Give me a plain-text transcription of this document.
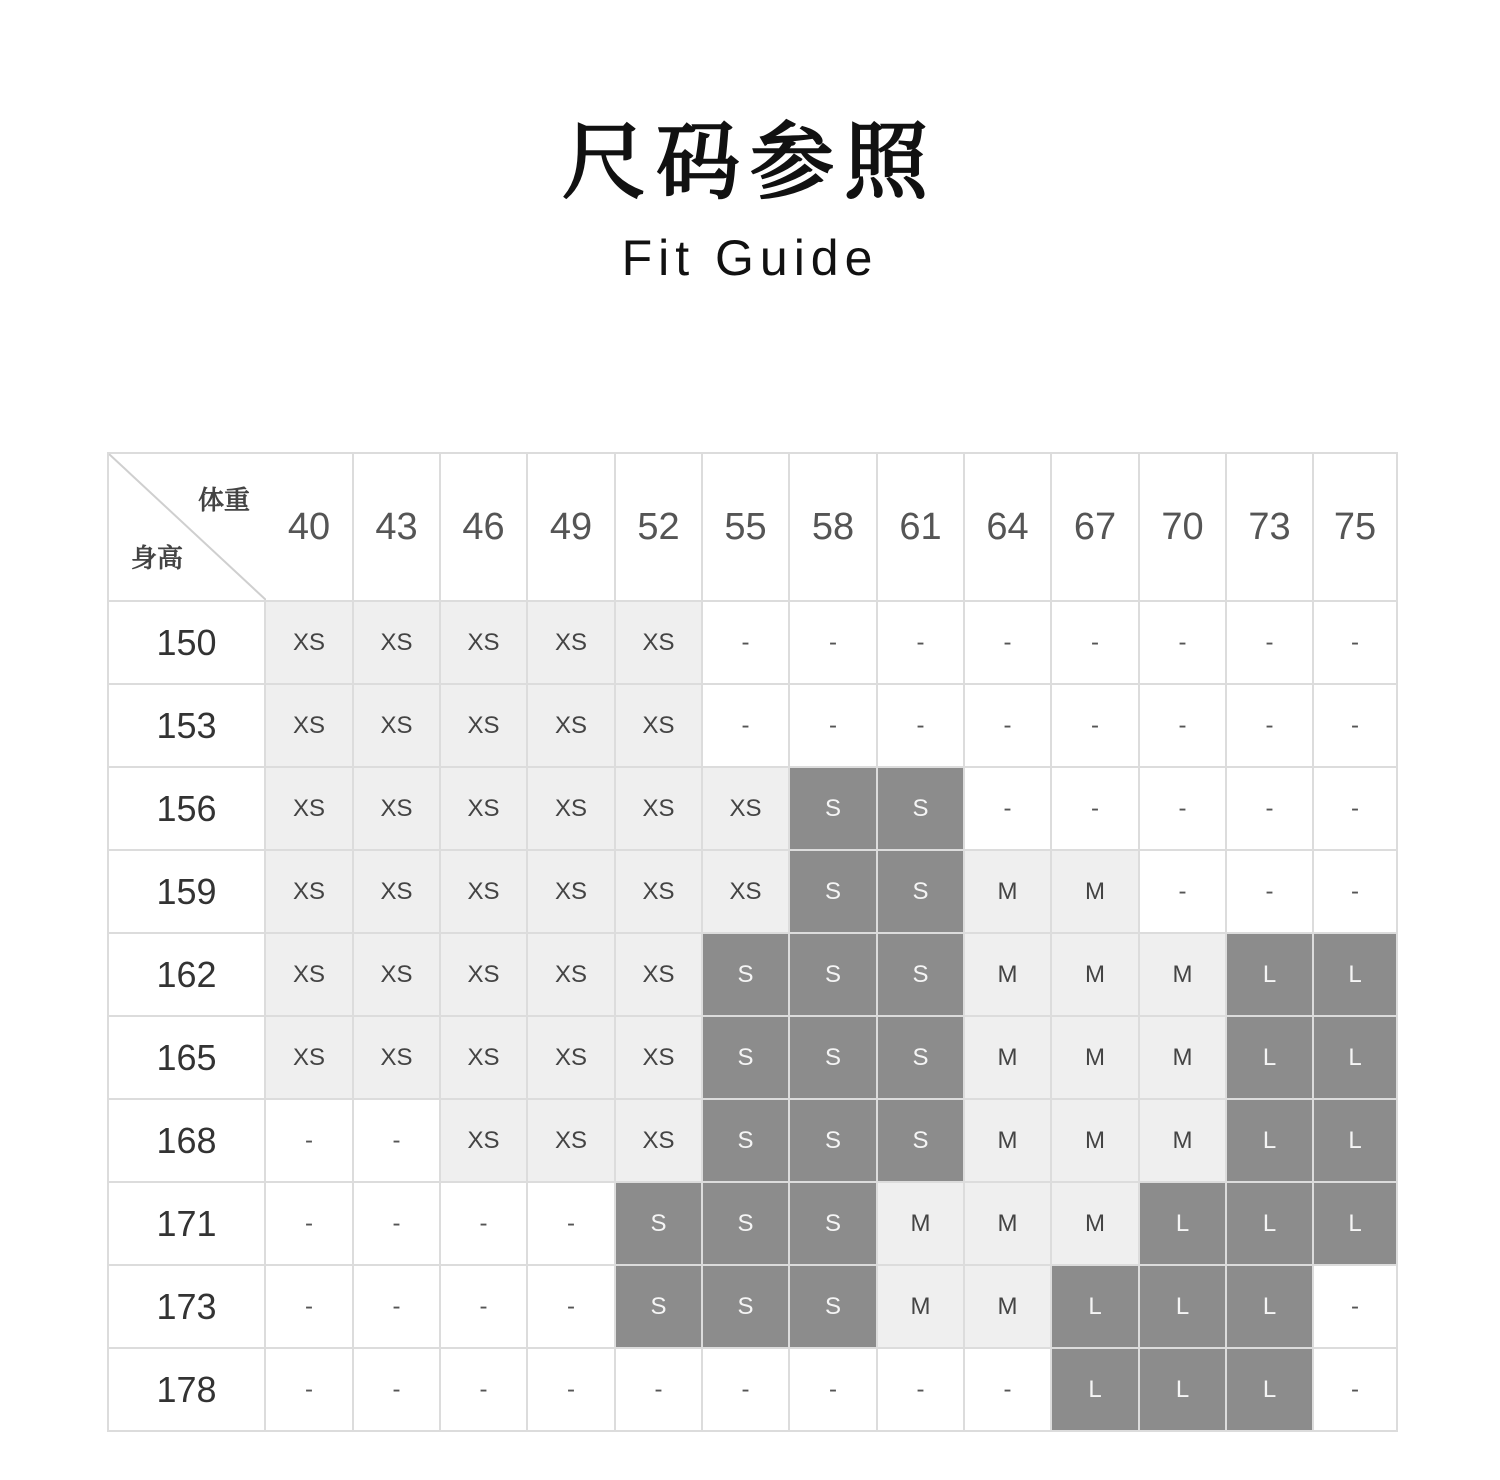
尺码参照
Fit Guide
体重
身高	40	43	46	49	52	55	58	61	64	67	70	73	75
150	XS	XS	XS	XS	XS	-	-	-	-	-	-	-	-
153	XS	XS	XS	XS	XS	-	-	-	-	-	-	-	-
156	XS	XS	XS	XS	XS	XS	S	S	-	-	-	-	-
159	XS	XS	XS	XS	XS	XS	S	S	M	M	-	-	-
162	XS	XS	XS	XS	XS	S	S	S	M	M	M	L	L
165	XS	XS	XS	XS	XS	S	S	S	M	M	M	L	L
168	-	-	XS	XS	XS	S	S	S	M	M	M	L	L
171	-	-	-	-	S	S	S	M	M	M	L	L	L
173	-	-	-	-	S	S	S	M	M	L	L	L	-
178	-	-	-	-	-	-	-	-	-	L	L	L	-
